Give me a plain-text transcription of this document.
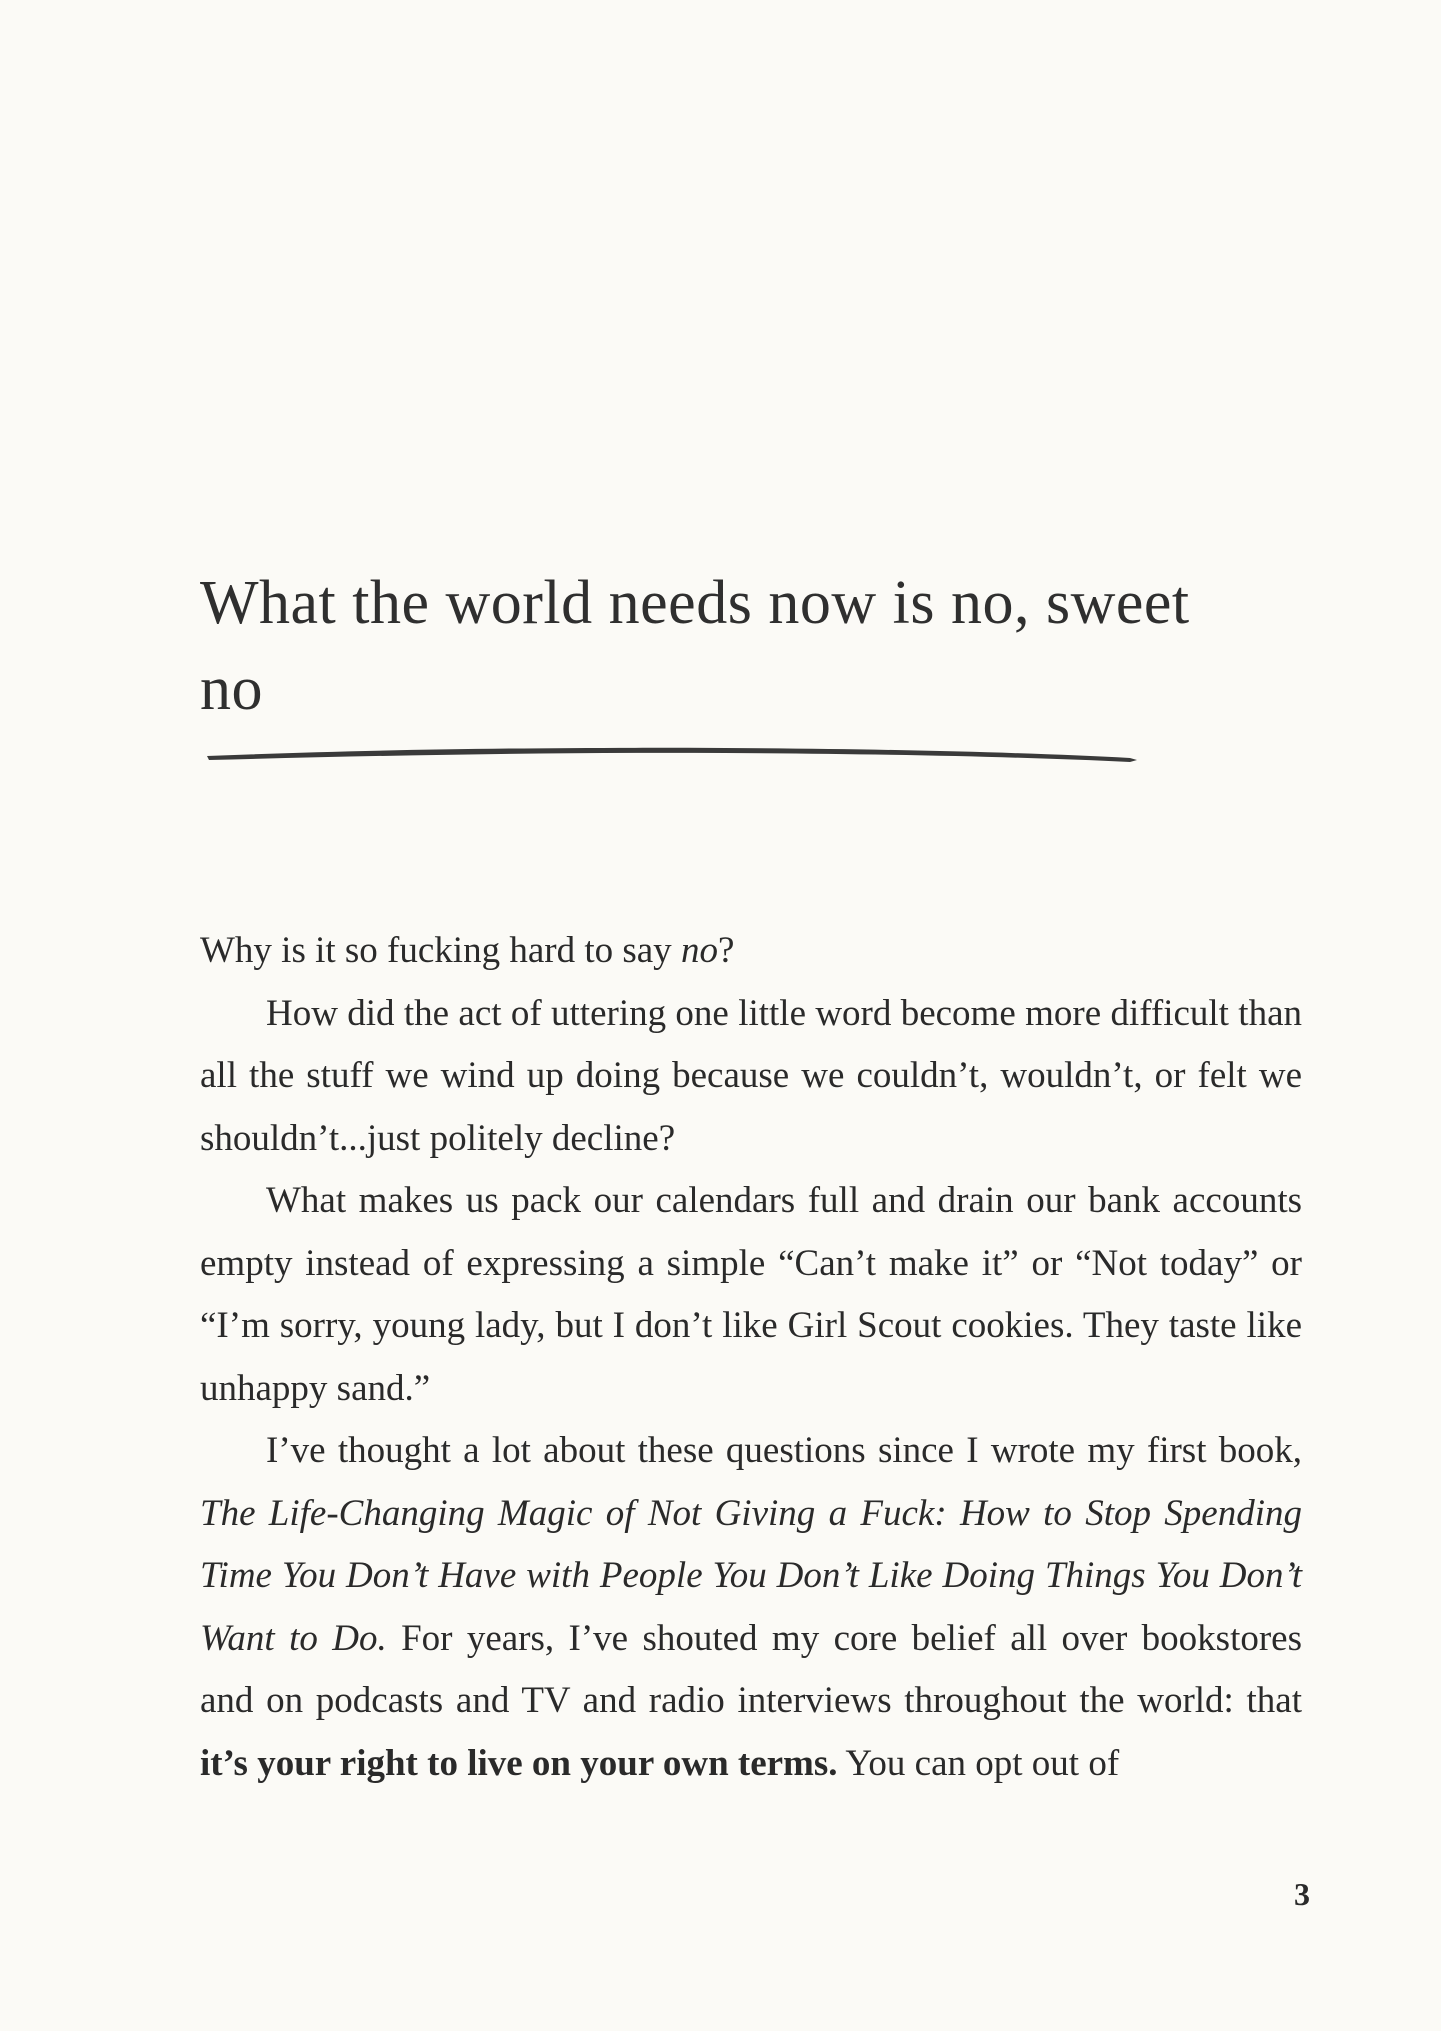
What the world needs now is no, sweet no

Why is it so fucking hard to say no?

How did the act of uttering one little word become more difficult than all the stuff we wind up doing because we couldn’t, wouldn’t, or felt we shouldn’t...just politely decline?

What makes us pack our calendars full and drain our bank accounts empty instead of expressing a simple “Can’t make it” or “Not today” or “I’m sorry, young lady, but I don’t like Girl Scout cookies. They taste like unhappy sand.”

I’ve thought a lot about these questions since I wrote my first book, The Life-Changing Magic of Not Giving a Fuck: How to Stop Spending Time You Don’t Have with People You Don’t Like Doing Things You Don’t Want to Do. For years, I’ve shouted my core belief all over bookstores and on podcasts and TV and radio interviews throughout the world: that it’s your right to live on your own terms. You can opt out of

3
